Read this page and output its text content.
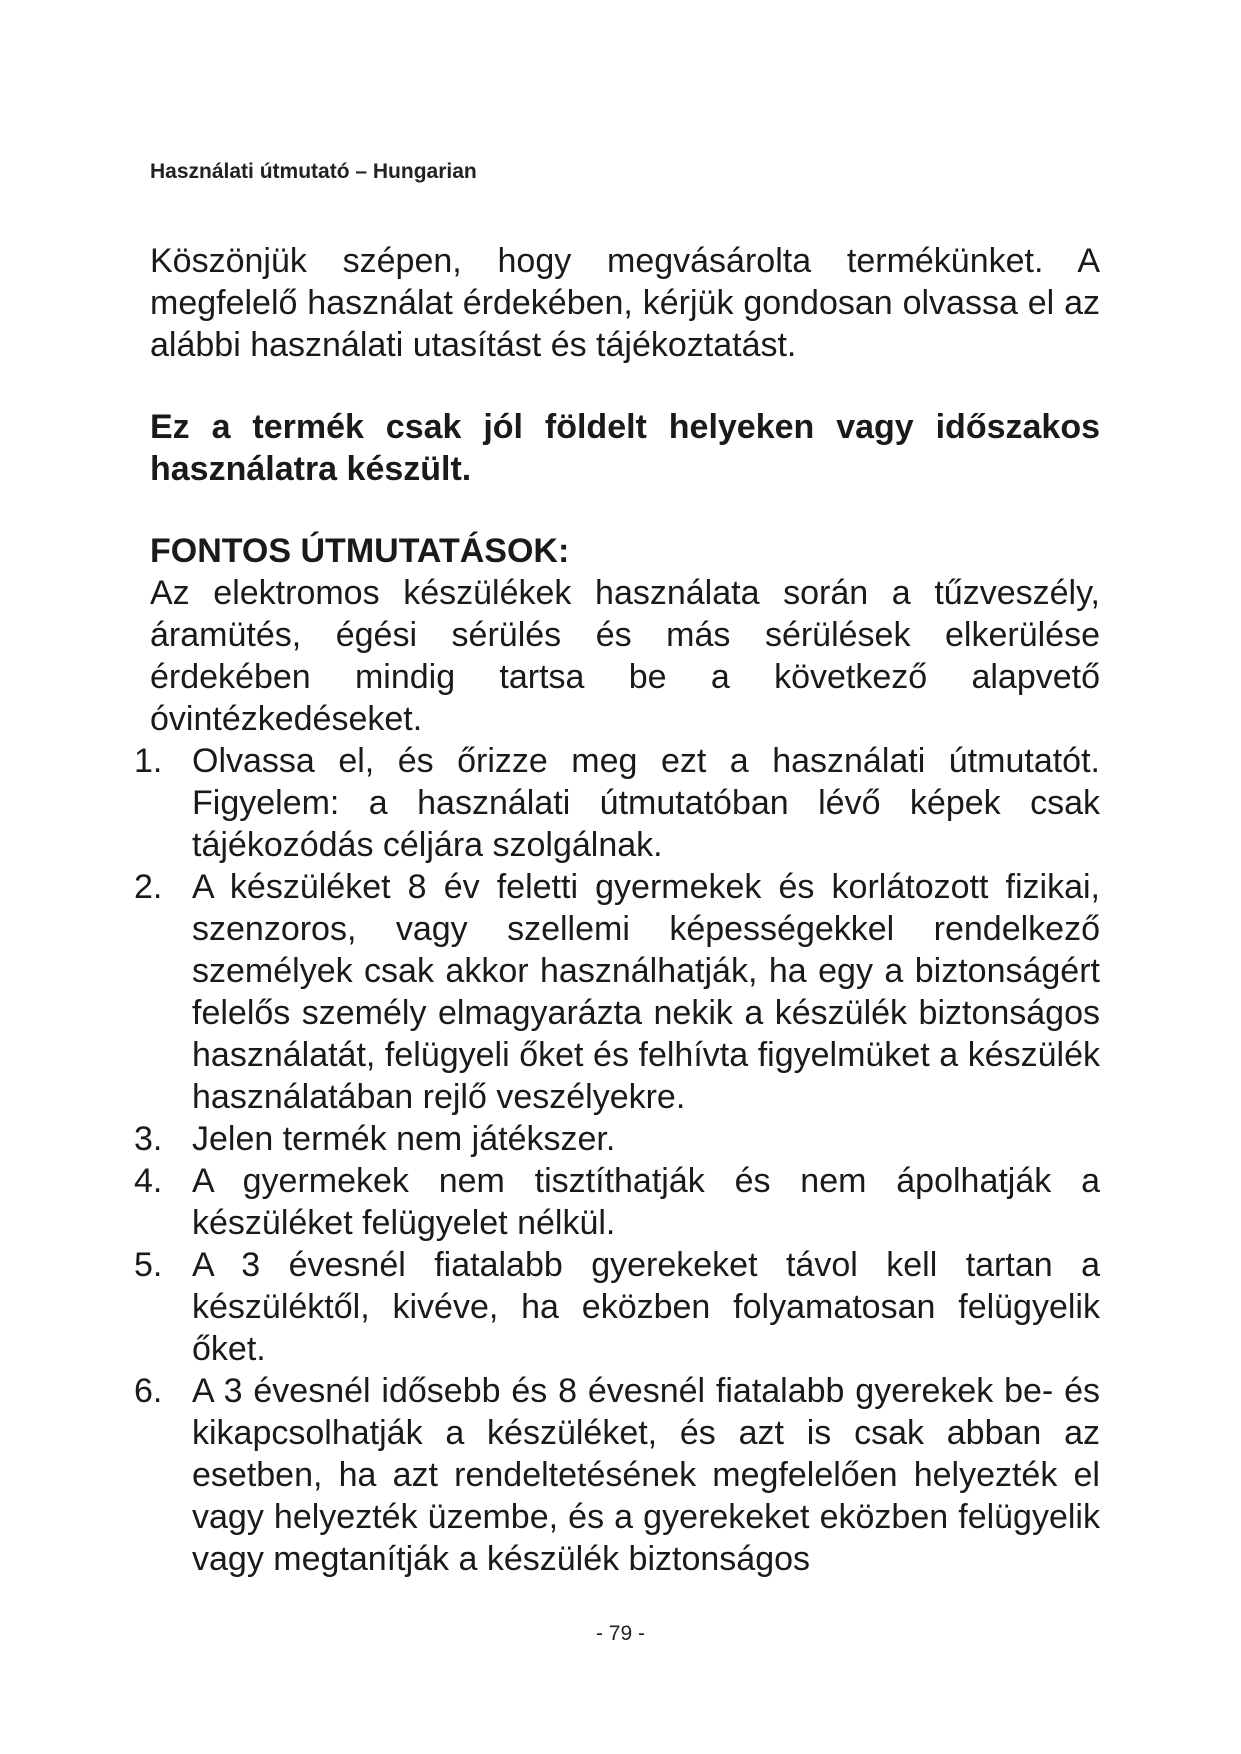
Használati útmutató – Hungarian

Köszönjük szépen, hogy megvásárolta termékünket. A megfelelő használat érdekében, kérjük gondosan olvassa el az alábbi használati utasítást és tájékoztatást.

Ez a termék csak jól földelt helyeken vagy időszakos használatra készült.

FONTOS ÚTMUTATÁSOK:

Az elektromos készülékek használata során a tűzveszély, áramütés, égési sérülés és más sérülések elkerülése érdekében mindig tartsa be a következő alapvető óvintézkedéseket.

1. Olvassa el, és őrizze meg ezt a használati útmutatót. Figyelem: a használati útmutatóban lévő képek csak tájékozódás céljára szolgálnak.
2. A készüléket 8 év feletti gyermekek és korlátozott fizikai, szenzoros, vagy szellemi képességekkel rendelkező személyek csak akkor használhatják, ha egy a biztonságért felelős személy elmagyarázta nekik a készülék biztonságos használatát, felügyeli őket és felhívta figyelmüket a készülék használatában rejlő veszélyekre.
3. Jelen termék nem játékszer.
4. A gyermekek nem tisztíthatják és nem ápolhatják a készüléket felügyelet nélkül.
5. A 3 évesnél fiatalabb gyerekeket távol kell tartan a készüléktől, kivéve, ha eközben folyamatosan felügyelik őket.
6. A 3 évesnél idősebb és 8 évesnél fiatalabb gyerekek be- és kikapcsolhatják a készüléket, és azt is csak abban az esetben, ha azt rendeltetésének megfelelően helyezték el vagy helyezték üzembe, és a gyerekeket eközben felügyelik vagy megtanítják a készülék biztonságos
- 79 -
